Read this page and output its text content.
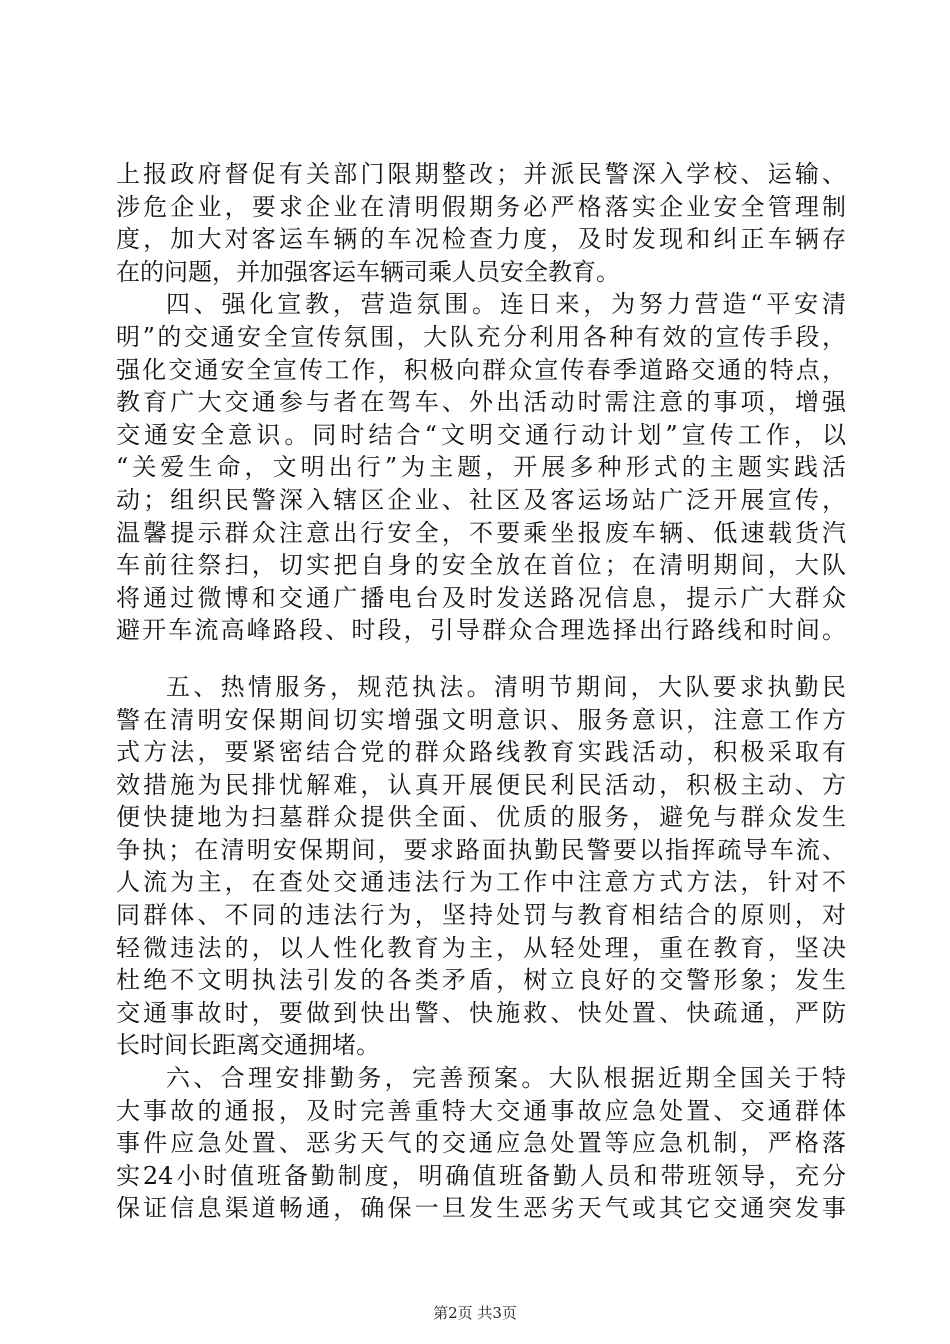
上报政府督促有关部门限期整改；并派民警深入学校、运输、
涉危企业，要求企业在清明假期务必严格落实企业安全管理制
度，加大对客运车辆的车况检查力度，及时发现和纠正车辆存
在的问题，并加强客运车辆司乘人员安全教育。
四、强化宣教，营造氛围。连日来，为努力营造“平安清
明”的交通安全宣传氛围，大队充分利用各种有效的宣传手段，
强化交通安全宣传工作，积极向群众宣传春季道路交通的特点，
教育广大交通参与者在驾车、外出活动时需注意的事项，增强
交通安全意识。同时结合“文明交通行动计划”宣传工作，以
“关爱生命，文明出行”为主题，开展多种形式的主题实践活
动；组织民警深入辖区企业、社区及客运场站广泛开展宣传，
温馨提示群众注意出行安全，不要乘坐报废车辆、低速载货汽
车前往祭扫，切实把自身的安全放在首位；在清明期间，大队
将通过微博和交通广播电台及时发送路况信息，提示广大群众
避开车流高峰路段、时段，引导群众合理选择出行路线和时间。
五、热情服务，规范执法。清明节期间，大队要求执勤民
警在清明安保期间切实增强文明意识、服务意识，注意工作方
式方法，要紧密结合党的群众路线教育实践活动，积极采取有
效措施为民排忧解难，认真开展便民利民活动，积极主动、方
便快捷地为扫墓群众提供全面、优质的服务，避免与群众发生
争执；在清明安保期间，要求路面执勤民警要以指挥疏导车流、
人流为主，在查处交通违法行为工作中注意方式方法，针对不
同群体、不同的违法行为，坚持处罚与教育相结合的原则，对
轻微违法的，以人性化教育为主，从轻处理，重在教育，坚决
杜绝不文明执法引发的各类矛盾，树立良好的交警形象；发生
交通事故时，要做到快出警、快施救、快处置、快疏通，严防
长时间长距离交通拥堵。
六、合理安排勤务，完善预案。大队根据近期全国关于特
大事故的通报，及时完善重特大交通事故应急处置、交通群体
事件应急处置、恶劣天气的交通应急处置等应急机制，严格落
实24小时值班备勤制度，明确值班备勤人员和带班领导，充分
保证信息渠道畅通，确保一旦发生恶劣天气或其它交通突发事
第2页 共3页
